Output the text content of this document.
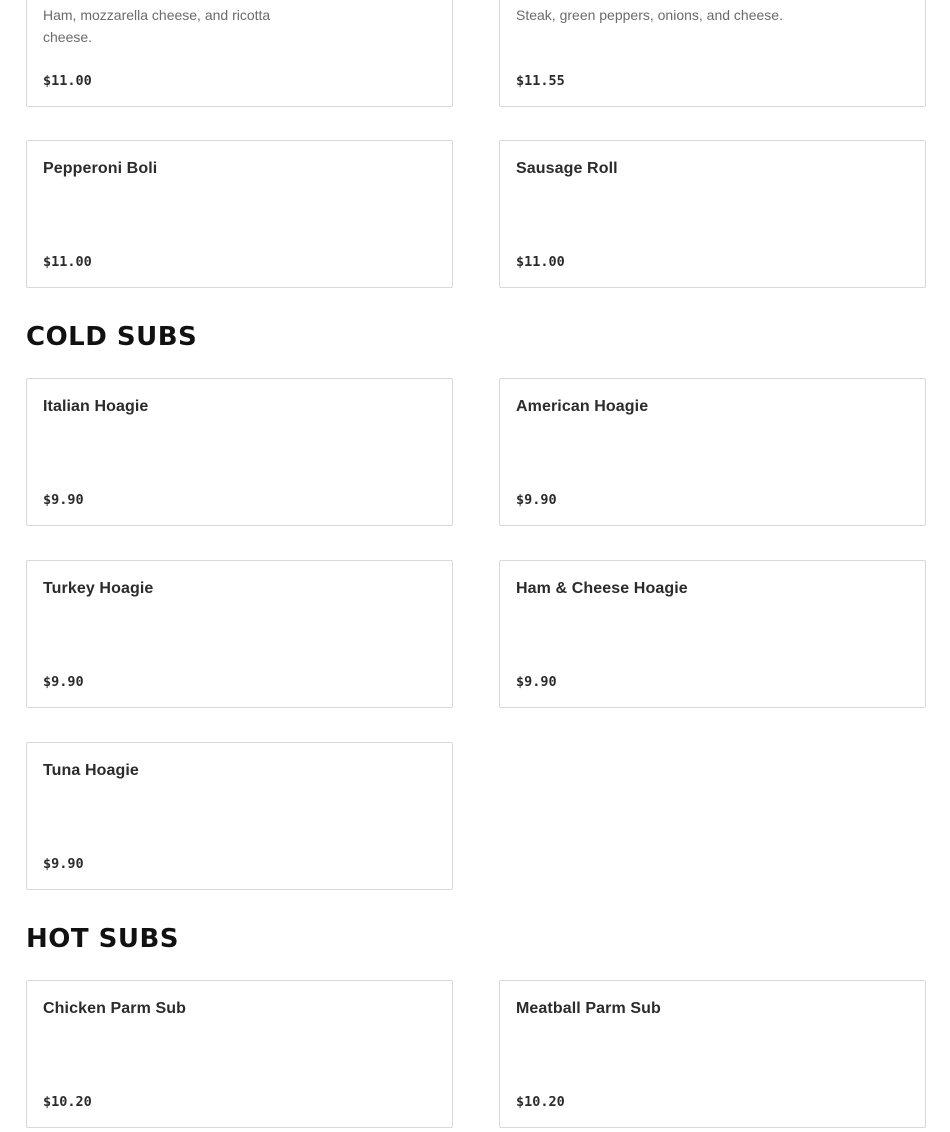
Ham, mozzarella cheese, and ricotta cheese.
$11.00
Steak, green peppers, onions, and cheese.
$11.55
Pepperoni Boli
$11.00
Sausage Roll
$11.00
COLD SUBS
Italian Hoagie
$9.90
American Hoagie
$9.90
Turkey Hoagie
$9.90
Ham & Cheese Hoagie
$9.90
Tuna Hoagie
$9.90
HOT SUBS
Chicken Parm Sub
$10.20
Meatball Parm Sub
$10.20
